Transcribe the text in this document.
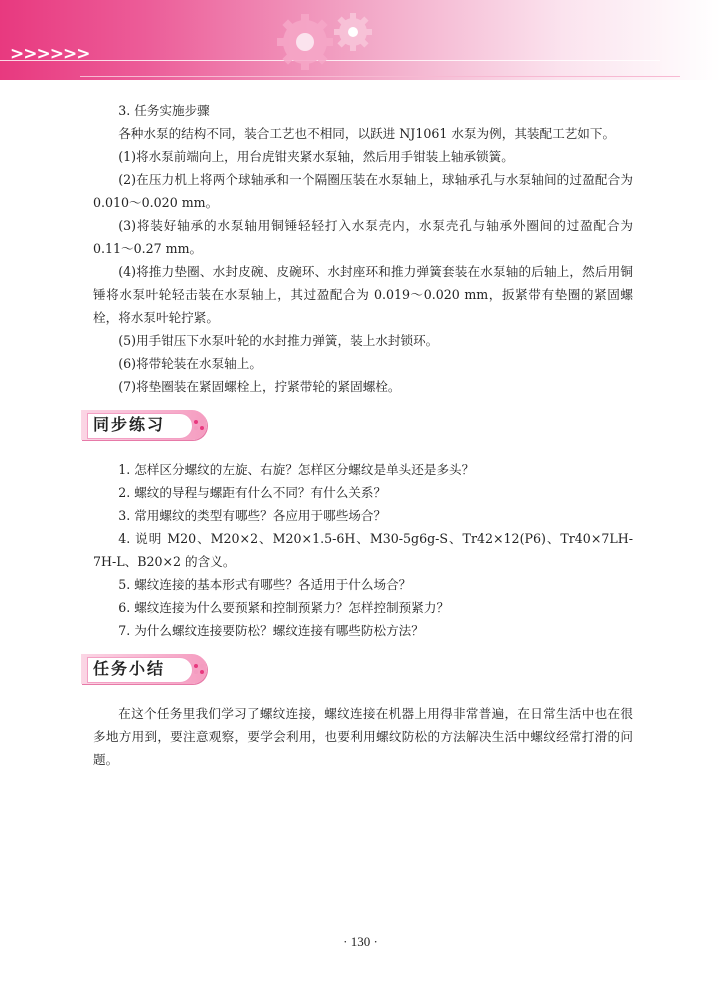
>>>>>>

3. 任务实施步骤

各种水泵的结构不同，装合工艺也不相同，以跃进 NJ1061 水泵为例，其装配工艺如下。

(1)将水泵前端向上，用台虎钳夹紧水泵轴，然后用手钳装上轴承锁簧。

(2)在压力机上将两个球轴承和一个隔圈压装在水泵轴上，球轴承孔与水泵轴间的过盈配合为 0.010～0.020 mm。

(3)将装好轴承的水泵轴用铜锤轻轻打入水泵壳内，水泵壳孔与轴承外圈间的过盈配合为 0.11～0.27 mm。

(4)将推力垫圈、水封皮碗、皮碗环、水封座环和推力弹簧套装在水泵轴的后轴上，然后用铜锤将水泵叶轮轻击装在水泵轴上，其过盈配合为 0.019～0.020 mm，扳紧带有垫圈的紧固螺栓，将水泵叶轮拧紧。

(5)用手钳压下水泵叶轮的水封推力弹簧，装上水封锁环。

(6)将带轮装在水泵轴上。

(7)将垫圈装在紧固螺栓上，拧紧带轮的紧固螺栓。

同步练习

1. 怎样区分螺纹的左旋、右旋？怎样区分螺纹是单头还是多头？

2. 螺纹的导程与螺距有什么不同？有什么关系？

3. 常用螺纹的类型有哪些？各应用于哪些场合？

4. 说明 M20、M20×2、M20×1.5-6H、M30-5g6g-S、Tr42×12(P6)、Tr40×7LH-7H-L、B20×2 的含义。

5. 螺纹连接的基本形式有哪些？各适用于什么场合？

6. 螺纹连接为什么要预紧和控制预紧力？怎样控制预紧力？

7. 为什么螺纹连接要防松？螺纹连接有哪些防松方法？

任务小结

在这个任务里我们学习了螺纹连接，螺纹连接在机器上用得非常普遍，在日常生活中也在很多地方用到，要注意观察，要学会利用，也要利用螺纹防松的方法解决生活中螺纹经常打滑的问题。

· 130 ·
